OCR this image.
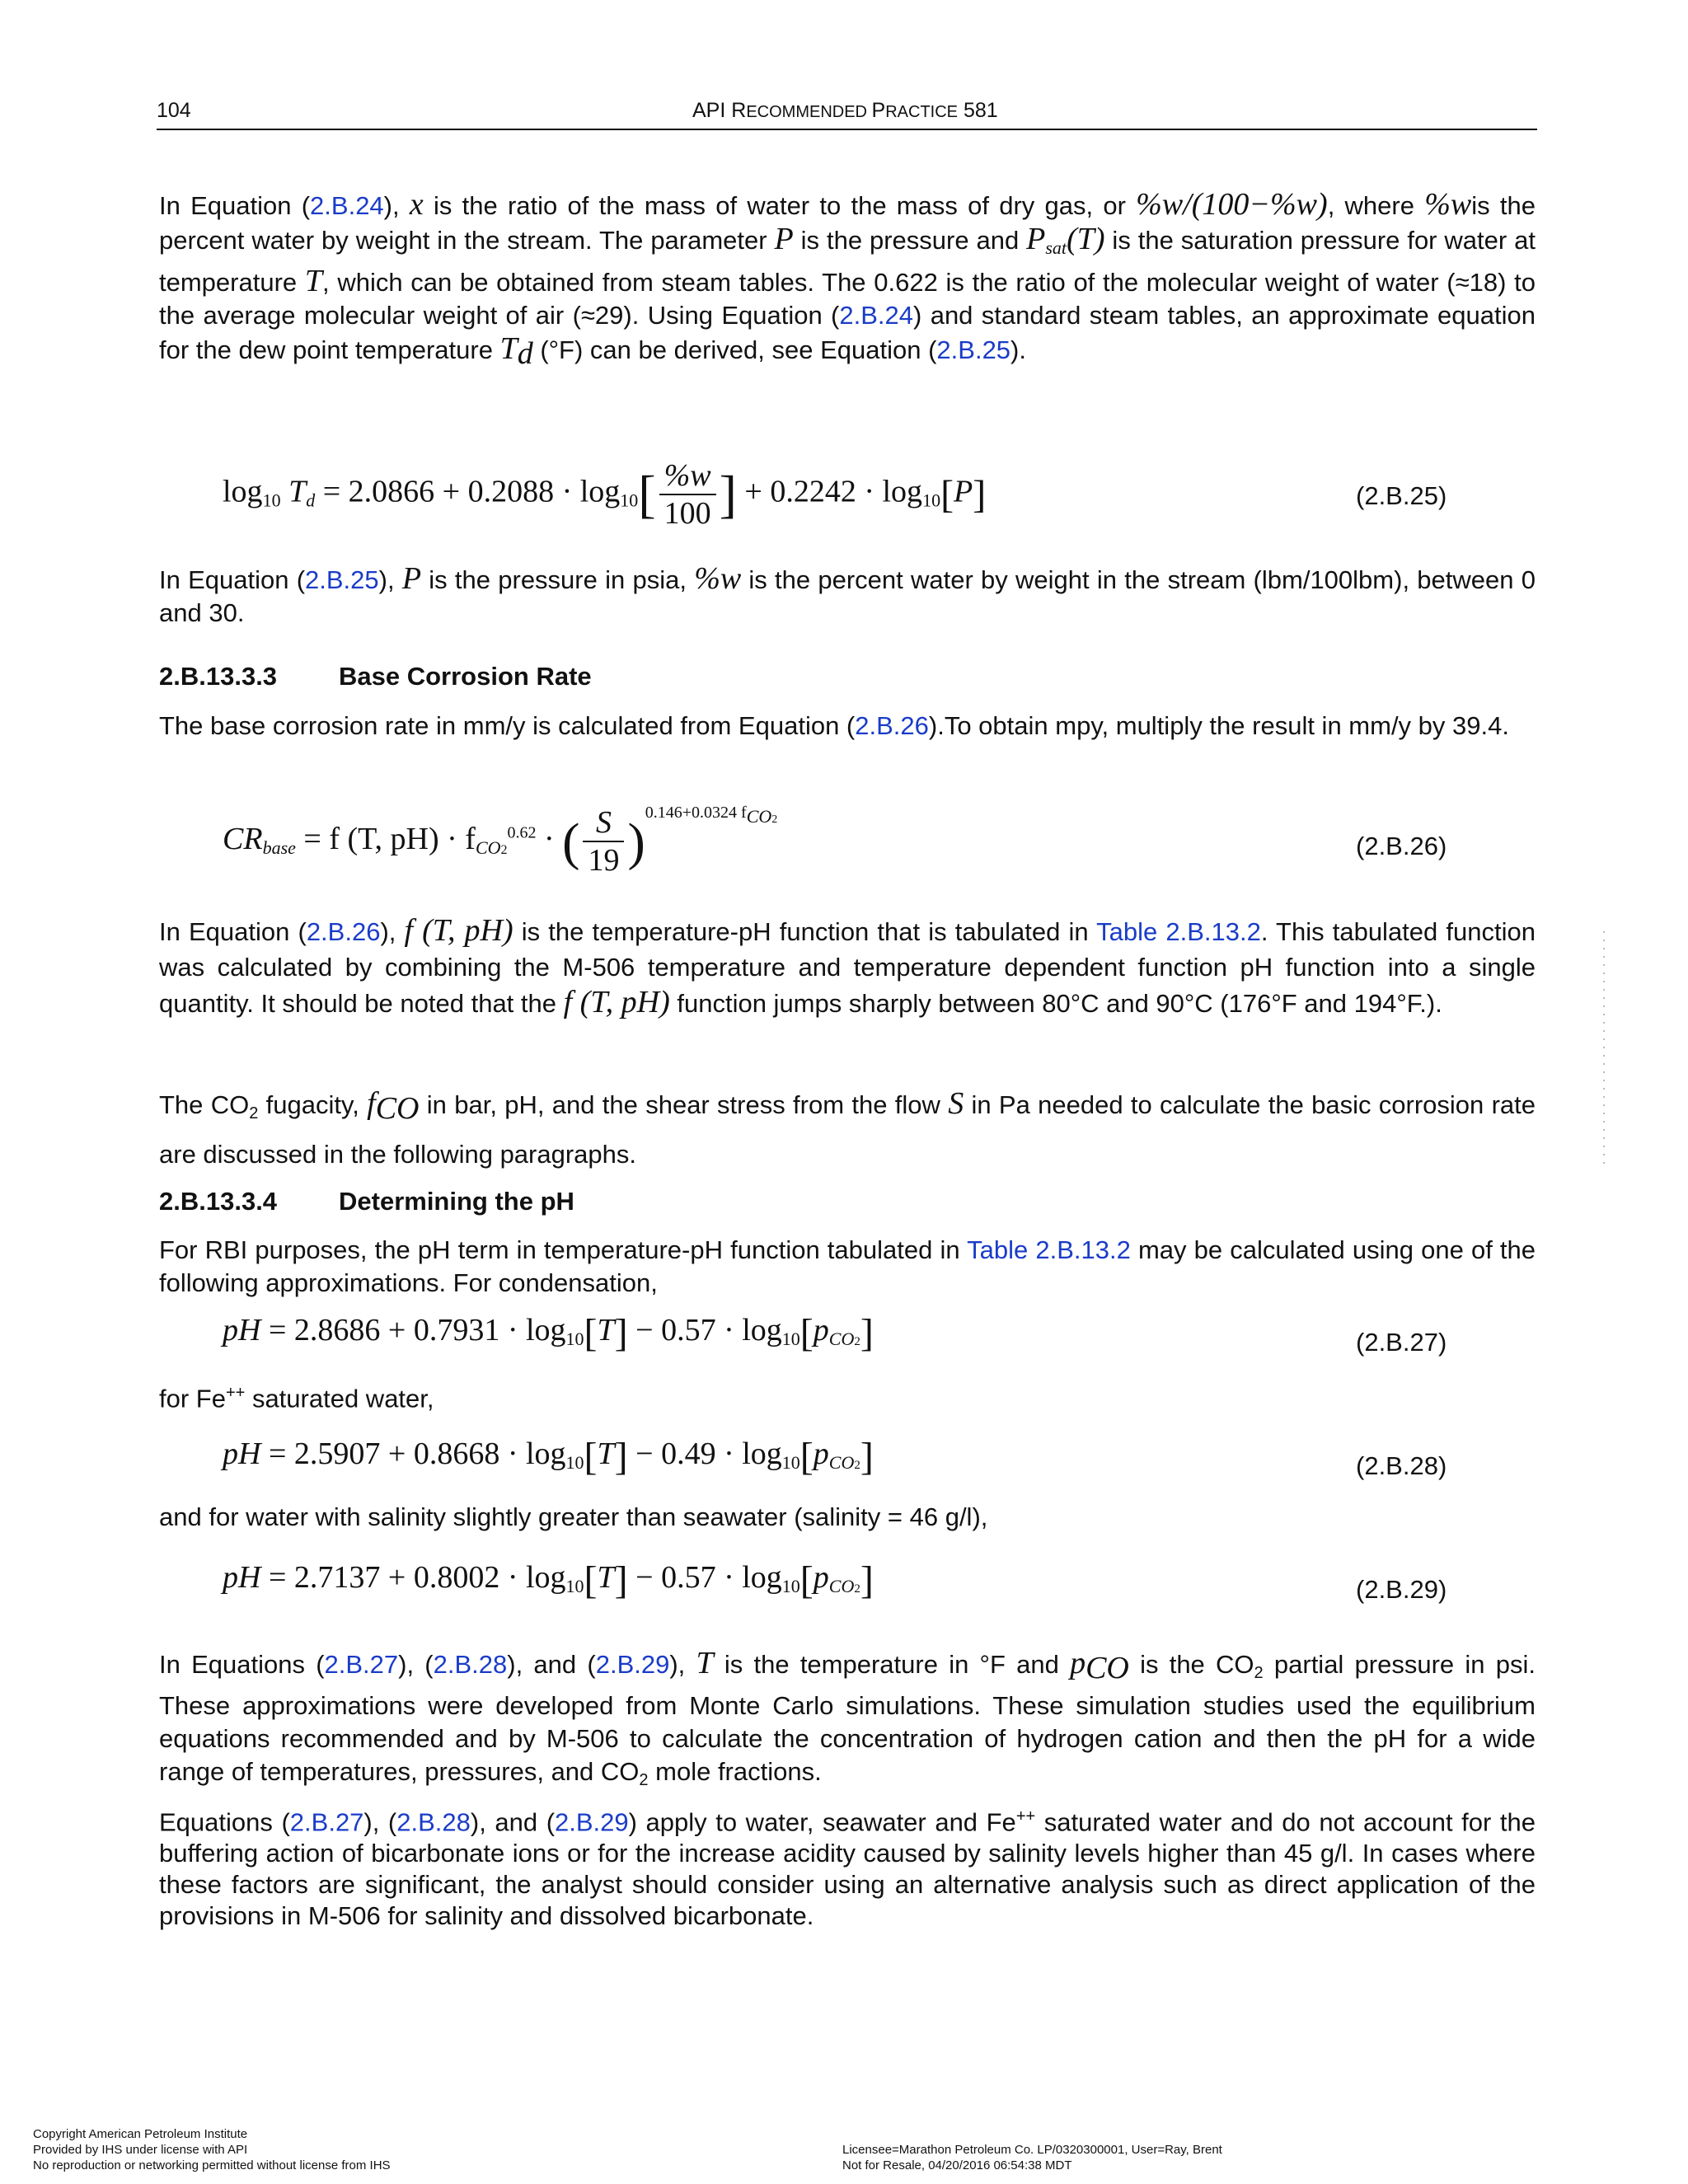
104	API RECOMMENDED PRACTICE 581
In Equation (2.B.24), x is the ratio of the mass of water to the mass of dry gas, or %w/(100−%w), where %wis the percent water by weight in the stream. The parameter P is the pressure and $P_{sat}(T)$ is the saturation pressure for water at temperature T, which can be obtained from steam tables. The 0.622 is the ratio of the molecular weight of water (≈18) to the average molecular weight of air (≈29). Using Equation (2.B.24) and standard steam tables, an approximate equation for the dew point temperature $T_d$ (°F) can be derived, see Equation (2.B.25).
$\log_{10} T_d = 2.0866 + 0.2088 \cdot \log_{10}[ \frac{\%w}{100}$ ] + $0.2242 \cdot \log_{10}[P]$	(2.B.25)
In Equation (2.B.25), P is the pressure in psia, %w is the percent water by weight in the stream (lbm/100lbm), between 0 and 30.
2.B.13.3.3 Base Corrosion Rate
The base corrosion rate in mm/y is calculated from Equation (2.B.26).To obtain mpy, multiply the result in mm/y by 39.4.
$CR_{base} = f$ (T, $pH) \cdot f_{CO2}^{0.62}$ · ( $\frac{S}{19} )^{0.146+0.0324 f_{CO2}}$
(2.B.26)
In Equation (2.B.26), f (T, pH) is the temperature-pH function that is tabulated in Table 2.B.13.2. This tabulated function was calculated by combining the M-506 temperature and temperature dependent function pH function into a single quantity. It should be noted that the f (T, pH) function jumps sharply between 80°C and 90°C (176°F and 194°F.).
The $CO_2$ fugacity, $f_{CO}$ in bar, pH, and the shear stress from the flow S in Pa needed to calculate the basic corrosion rate are discussed in the following paragraphs.
2.B.13.3.4 Determining the pH
For RBI purposes, the pH term in temperature-pH function tabulated in Table 2.B.13.2 may be calculated using one of the following approximations. For condensation,
pH = $2.8686 + 0.7931 \cdot \log_{10}[T] - 0.57 \cdot \log_{10}[p_{CO2}]$	(2.B.27)
for Fe++ saturated water,
pH = $2.5907 + 0.8668 \cdot \log_{10}[T] - 0.49 \cdot \log_{10}[p_{CO2}]$	(2.B.28)
and for water with salinity slightly greater than seawater (salinity = 46 g/l),
pH = $2.7137 + 0.8002 \cdot \log_{10}[T] - 0.57 \cdot \log_{10}[p_{CO2}]$	(2.B.29)
In Equations (2.B.27), (2.B.28), and (2.B.29), T is the temperature in °F and $p_{CO}$ is the $CO_2$ partial pressure in psi. These approximations were developed from Monte Carlo simulations. These simulation studies used the equilibrium equations recommended and by M-506 to calculate the concentration of hydrogen cation and then the pH for a wide range of temperatures, pressures, and $CO_2$ mole fractions.
Equations (2.B.27), (2.B.28), and (2.B.29) apply to water, seawater and Fe++ saturated water and do not account for the buffering action of bicarbonate ions or for the increase acidity caused by salinity levels higher than 45 g/l. In cases where these factors are significant, the analyst should consider using an alternative analysis such as direct application of the provisions in M-506 for salinity and dissolved bicarbonate.
Copyright American Petroleum Institute
Provided by IHS under license with API
No reproduction or networking permitted without license from IHS
Licensee=Marathon Petroleum Co. LP/0320300001, User=Ray, Brent
Not for Resale, 04/20/2016 06:54:38 MDT
